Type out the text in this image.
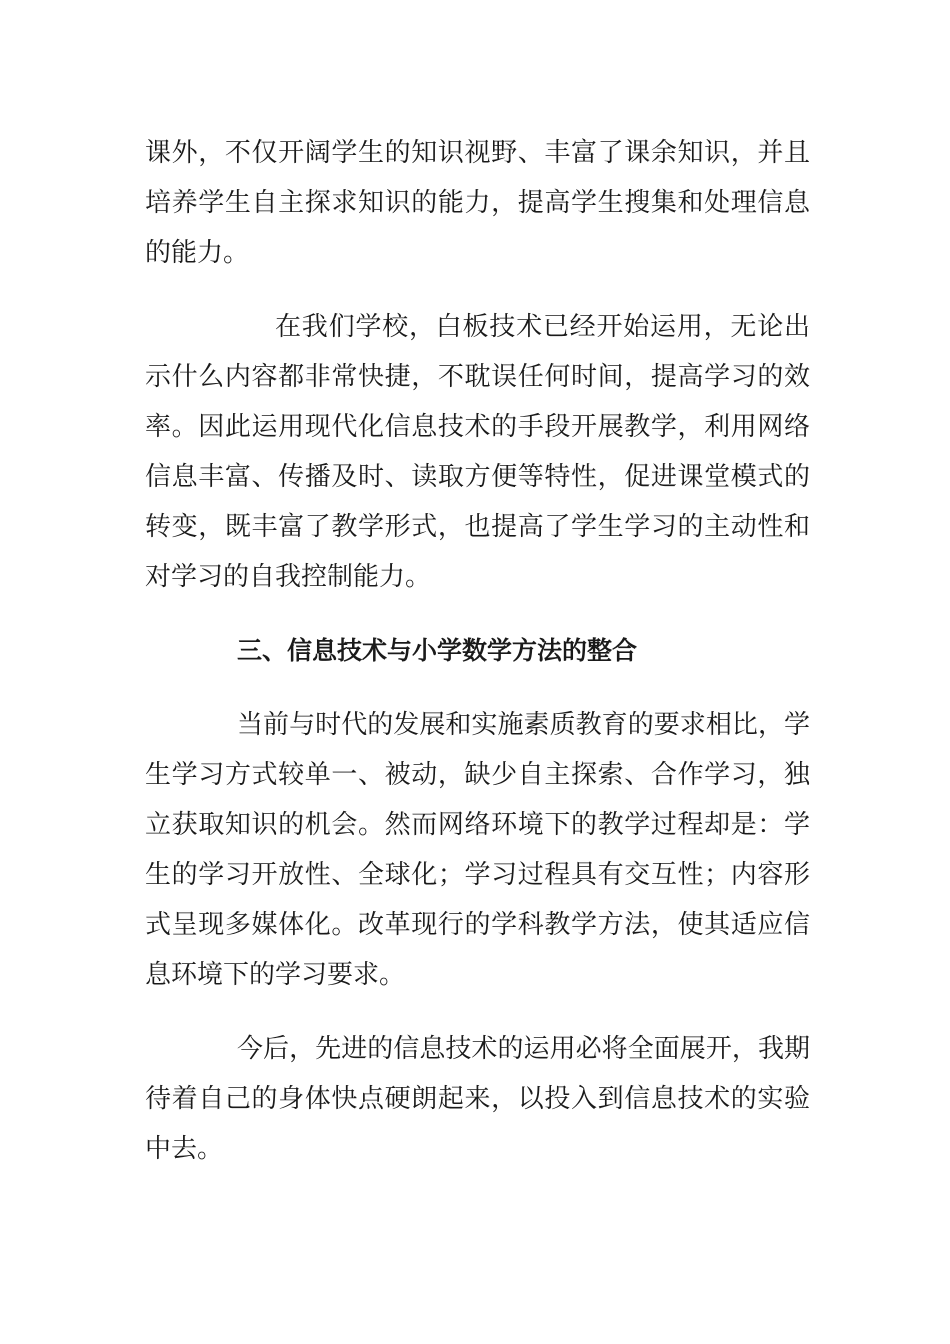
课外，不仅开阔学生的知识视野、丰富了课余知识，并且培养学生自主探求知识的能力，提高学生搜集和处理信息的能力。

在我们学校，白板技术已经开始运用，无论出示什么内容都非常快捷，不耽误任何时间，提高学习的效率。因此运用现代化信息技术的手段开展教学，利用网络信息丰富、传播及时、读取方便等特性，促进课堂模式的转变，既丰富了教学形式，也提高了学生学习的主动性和对学习的自我控制能力。

三、信息技术与小学数学方法的整合

当前与时代的发展和实施素质教育的要求相比，学生学习方式较单一、被动，缺少自主探索、合作学习，独立获取知识的机会。然而网络环境下的教学过程却是：学生的学习开放性、全球化；学习过程具有交互性；内容形式呈现多媒体化。改革现行的学科教学方法，使其适应信息环境下的学习要求。

今后，先进的信息技术的运用必将全面展开，我期待着自己的身体快点硬朗起来，以投入到信息技术的实验中去。
